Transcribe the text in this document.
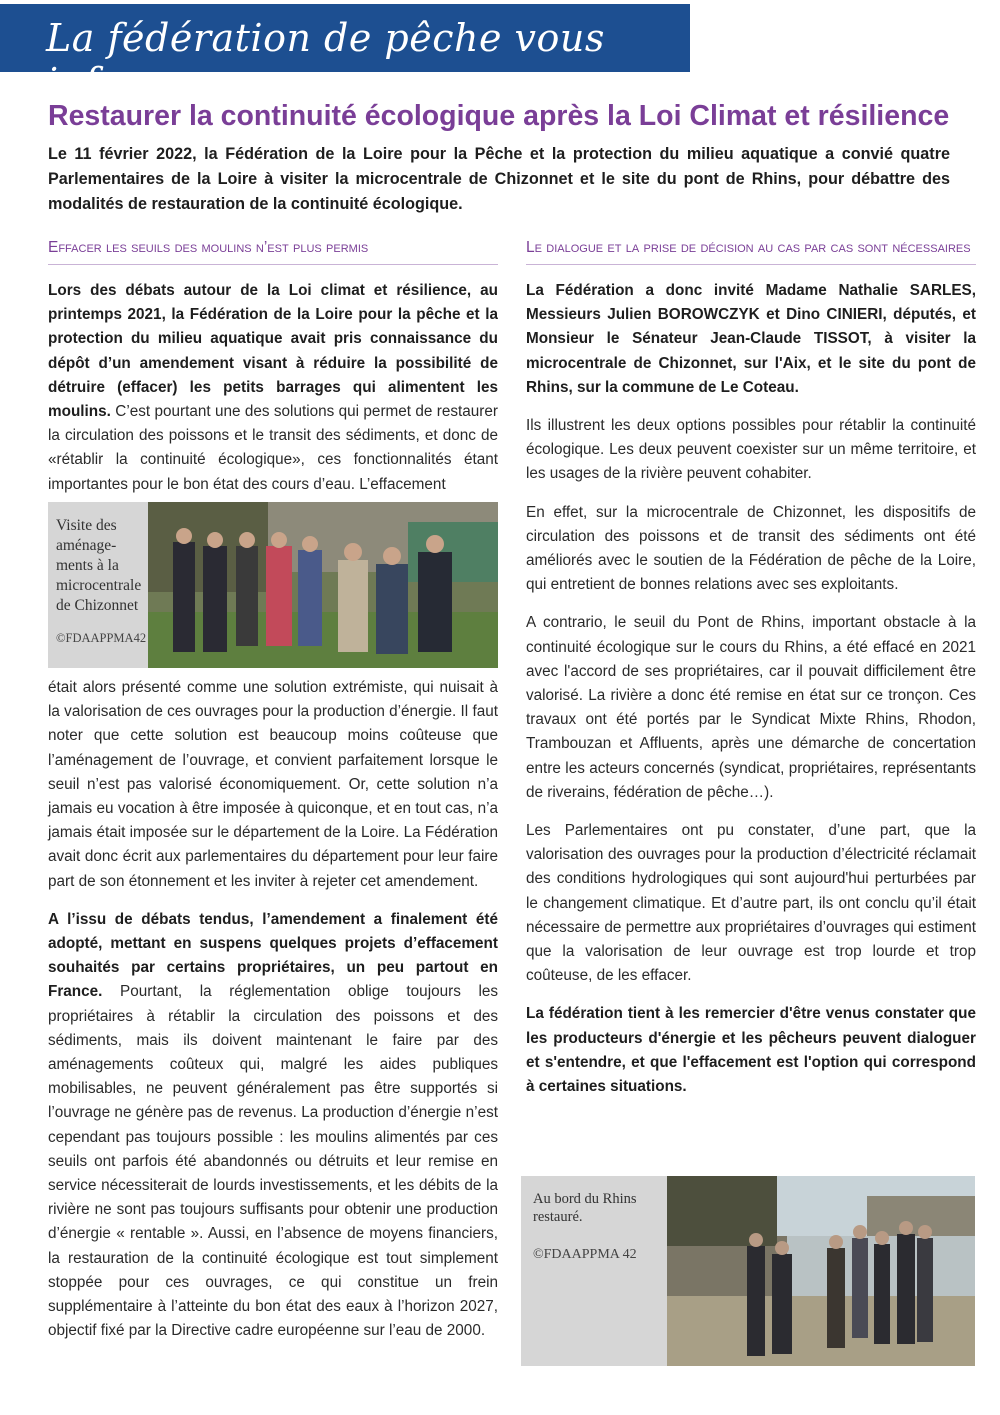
La fédération de pêche vous informe
Restaurer la continuité écologique après la Loi Climat et résilience

Le 11 février 2022, la Fédération de la Loire pour la Pêche et la protection du milieu aquatique a convié quatre Parlementaires de la Loire à visiter la microcentrale de Chizonnet et le site du pont de Rhins, pour débattre des modalités de restauration de la continuité écologique.

Effacer les seuils des moulins n’est plus permis

Lors des débats autour de la Loi climat et résilience, au printemps 2021, la Fédération de la Loire pour la pêche et la protection du milieu aquatique avait pris connaissance du dépôt d’un amendement visant à réduire la possibilité de détruire (effacer) les petits barrages qui alimentent les moulins. C’est pourtant une des solutions qui permet de restaurer la circulation des poissons et le transit des sédiments, et donc de «rétablir la continuité écologique», ces fonctionnalités étant importantes pour le bon état des cours d’eau. L’effacement

Visite des aménage-ments à la microcentrale de Chizonnet
©FDAAPPMA42

était alors présenté comme une solution extrémiste, qui nuisait à la valorisation de ces ouvrages pour la production d’énergie. Il faut noter que cette solution est beaucoup moins coûteuse que l’aménagement de l’ouvrage, et convient parfaitement lorsque le seuil n’est pas valorisé économiquement. Or, cette solution n’a jamais eu vocation à être imposée à quiconque, et en tout cas, n’a jamais était imposée sur le département de la Loire. La Fédération avait donc écrit aux parlementaires du département pour leur faire part de son étonnement et les inviter à rejeter cet amendement.

A l’issu de débats tendus, l’amendement a finalement été adopté, mettant en suspens quelques projets d’effacement souhaités par certains propriétaires, un peu partout en France. Pourtant, la réglementation oblige toujours les propriétaires à rétablir la circulation des poissons et des sédiments, mais ils doivent maintenant le faire par des aménagements coûteux qui, malgré les aides publiques mobilisables, ne peuvent généralement pas être supportés si l’ouvrage ne génère pas de revenus. La production d’énergie n’est cependant pas toujours possible : les moulins alimentés par ces seuils ont parfois été abandonnés ou détruits et leur remise en service nécessiterait de lourds investissements, et les débits de la rivière ne sont pas toujours suffisants pour obtenir une production d’énergie « rentable ». Aussi, en l’absence de moyens financiers, la restauration de la continuité écologique est tout simplement stoppée pour ces ouvrages, ce qui constitue un frein supplémentaire à l’atteinte du bon état des eaux à l’horizon 2027, objectif fixé par la Directive cadre européenne sur l’eau de 2000.

Le dialogue et la prise de décision au cas par cas sont nécessaires

La Fédération a donc invité Madame Nathalie SARLES, Messieurs Julien BOROWCZYK et Dino CINIERI, députés, et Monsieur le Sénateur Jean-Claude TISSOT, à visiter la microcentrale de Chizonnet, sur l'Aix, et le site du pont de Rhins, sur la commune de Le Coteau.

Ils illustrent les deux options possibles pour rétablir la continuité écologique. Les deux peuvent coexister sur un même territoire, et les usages de la rivière peuvent cohabiter.

En effet, sur la microcentrale de Chizonnet, les dispositifs de circulation des poissons et de transit des sédiments ont été améliorés avec le soutien de la Fédération de pêche de la Loire, qui entretient de bonnes relations avec ses exploitants.

A contrario, le seuil du Pont de Rhins, important obstacle à la continuité écologique sur le cours du Rhins, a été effacé en 2021 avec l'accord de ses propriétaires, car il pouvait difficilement être valorisé. La rivière a donc été remise en état sur ce tronçon. Ces travaux ont été portés par le Syndicat Mixte Rhins, Rhodon, Trambouzan et Affluents, après une démarche de concertation entre les acteurs concernés (syndicat, propriétaires, représentants de riverains, fédération de pêche…).

Les Parlementaires ont pu constater, d’une part, que la valorisation des ouvrages pour la production d’électricité réclamait des conditions hydrologiques qui sont aujourd'hui perturbées par le changement climatique. Et d’autre part, ils ont conclu qu’il était nécessaire de permettre aux propriétaires d’ouvrages qui estiment que la valorisation de leur ouvrage est trop lourde et trop coûteuse, de les effacer.

La fédération tient à les remercier d'être venus constater que les producteurs d'énergie et les pêcheurs peuvent dialoguer et s'entendre, et que l'effacement est l'option qui correspond à certaines situations.

Au bord du Rhins restauré.
©FDAAPPMA 42
